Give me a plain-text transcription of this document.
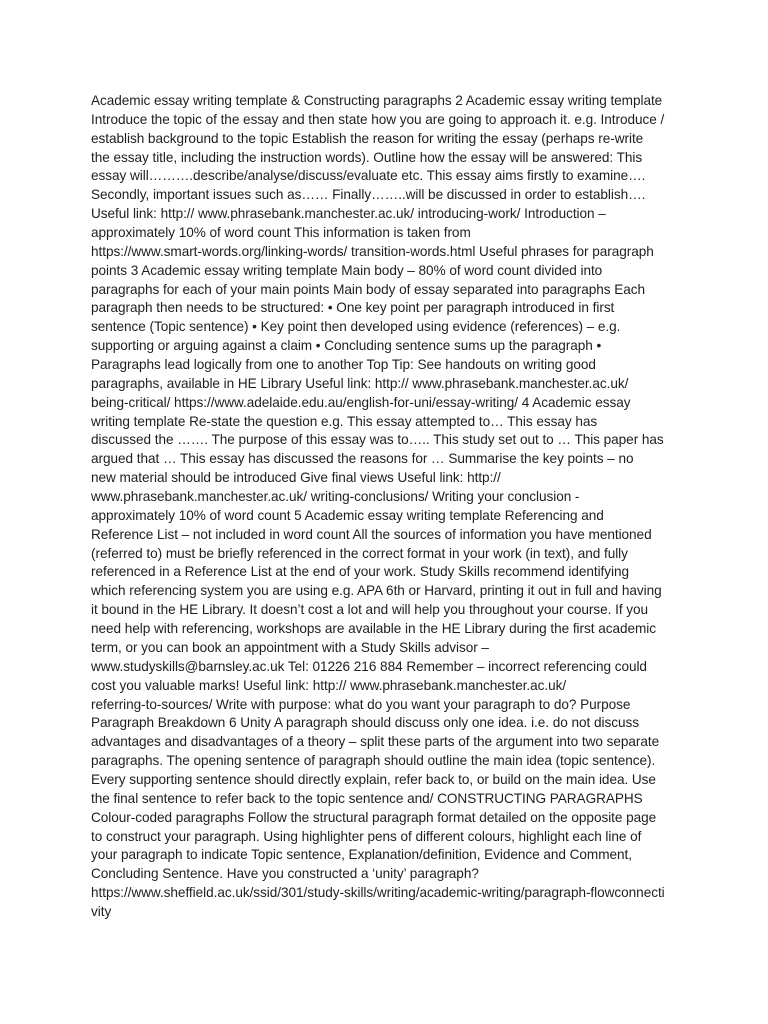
Academic essay writing template & Constructing paragraphs 2 Academic essay writing template
Introduce the topic of the essay and then state how you are going to approach it. e.g. Introduce /
establish background to the topic Establish the reason for writing the essay (perhaps re-write
the essay title, including the instruction words). Outline how the essay will be answered: This
essay will……….describe/analyse/discuss/evaluate etc. This essay aims firstly to examine….
Secondly, important issues such as…… Finally……..will be discussed in order to establish….
Useful link: http:// www.phrasebank.manchester.ac.uk/ introducing-work/ Introduction –
approximately 10% of word count This information is taken from
https://www.smart-words.org/linking-words/ transition-words.html Useful phrases for paragraph
points 3 Academic essay writing template Main body – 80% of word count divided into
paragraphs for each of your main points Main body of essay separated into paragraphs Each
paragraph then needs to be structured: • One key point per paragraph introduced in first
sentence (Topic sentence) • Key point then developed using evidence (references) – e.g.
supporting or arguing against a claim • Concluding sentence sums up the paragraph •
Paragraphs lead logically from one to another Top Tip: See handouts on writing good
paragraphs, available in HE Library Useful link: http:// www.phrasebank.manchester.ac.uk/
being-critical/ https://www.adelaide.edu.au/english-for-uni/essay-writing/ 4 Academic essay
writing template Re-state the question e.g. This essay attempted to… This essay has
discussed the ……. The purpose of this essay was to….. This study set out to … This paper has
argued that … This essay has discussed the reasons for … Summarise the key points – no
new material should be introduced Give final views Useful link: http://
www.phrasebank.manchester.ac.uk/ writing-conclusions/ Writing your conclusion -
approximately 10% of word count 5 Academic essay writing template Referencing and
Reference List – not included in word count All the sources of information you have mentioned
(referred to) must be briefly referenced in the correct format in your work (in text), and fully
referenced in a Reference List at the end of your work. Study Skills recommend identifying
which referencing system you are using e.g. APA 6th or Harvard, printing it out in full and having
it bound in the HE Library. It doesn’t cost a lot and will help you throughout your course. If you
need help with referencing, workshops are available in the HE Library during the first academic
term, or you can book an appointment with a Study Skills advisor –
www.studyskills@barnsley.ac.uk Tel: 01226 216 884 Remember – incorrect referencing could
cost you valuable marks! Useful link: http:// www.phrasebank.manchester.ac.uk/
referring-to-sources/ Write with purpose: what do you want your paragraph to do? Purpose
Paragraph Breakdown 6 Unity A paragraph should discuss only one idea. i.e. do not discuss
advantages and disadvantages of a theory – split these parts of the argument into two separate
paragraphs. The opening sentence of paragraph should outline the main idea (topic sentence).
Every supporting sentence should directly explain, refer back to, or build on the main idea. Use
the final sentence to refer back to the topic sentence and/ CONSTRUCTING PARAGRAPHS
Colour-coded paragraphs Follow the structural paragraph format detailed on the opposite page
to construct your paragraph. Using highlighter pens of different colours, highlight each line of
your paragraph to indicate Topic sentence, Explanation/definition, Evidence and Comment,
Concluding Sentence. Have you constructed a ‘unity’ paragraph?
https://www.sheffield.ac.uk/ssid/301/study-skills/writing/academic-writing/paragraph-flowconnecti
vity
